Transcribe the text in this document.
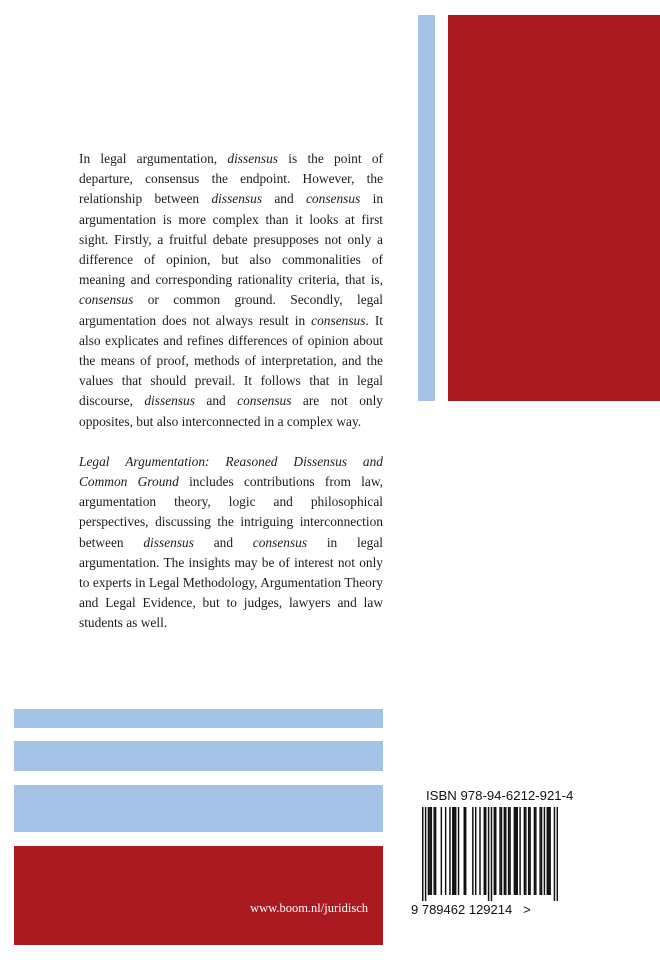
In legal argumentation, dissensus is the point of departure, consensus the endpoint. However, the relationship between dissensus and consensus in argumentation is more complex than it looks at first sight. Firstly, a fruitful debate presupposes not only a difference of opinion, but also commonalities of meaning and corresponding rationality criteria, that is, consensus or common ground. Secondly, legal argumentation does not always result in consensus. It also explicates and refines differences of opinion about the means of proof, methods of interpretation, and the values that should prevail. It follows that in legal discourse, dissensus and consensus are not only opposites, but also interconnected in a complex way.

Legal Argumentation: Reasoned Dissensus and Common Ground includes contributions from law, argumentation theory, logic and philosophical perspectives, discussing the intriguing interconnection between dissensus and consensus in legal argumentation. The insights may be of interest not only to experts in Legal Methodology, Argumentation Theory and Legal Evidence, but to judges, lawyers and law students as well.

www.boom.nl/juridisch
ISBN 978-94-6212-921-4
9 789462 129214 >
